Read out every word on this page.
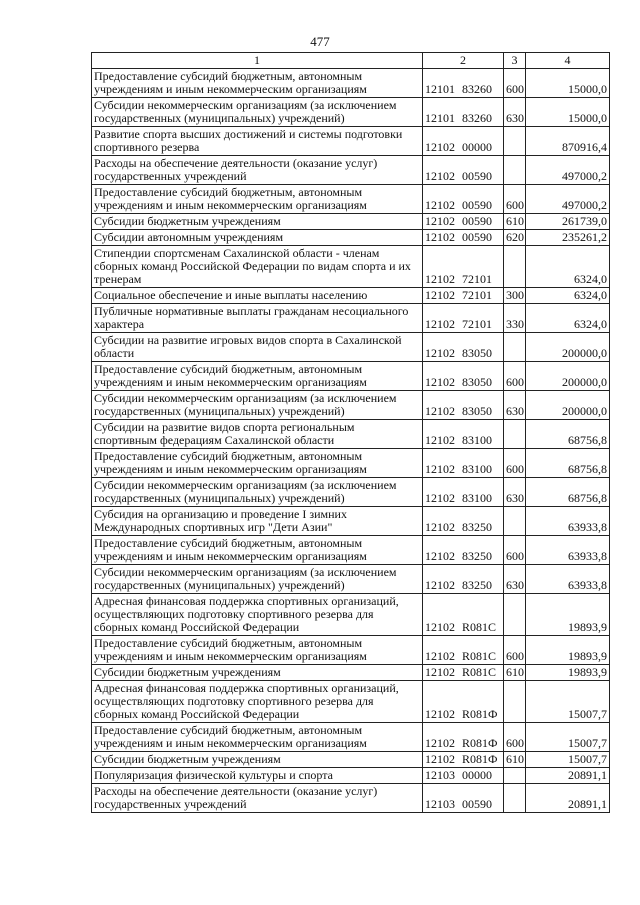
477
1	2	3	4
Предоставление субсидий бюджетным, автономным учреждениям и иным некоммерческим организациям	12101 83260	600	15000,0
Субсидии некоммерческим организациям (за исключением государственных (муниципальных) учреждений)	12101 83260	630	15000,0
Развитие спорта высших достижений и системы подготовки спортивного резерва	12102 00000		870916,4
Расходы на обеспечение деятельности (оказание услуг) государственных учреждений	12102 00590		497000,2
Предоставление субсидий бюджетным, автономным учреждениям и иным некоммерческим организациям	12102 00590	600	497000,2
Субсидии бюджетным учреждениям	12102 00590	610	261739,0
Субсидии автономным учреждениям	12102 00590	620	235261,2
Стипендии спортсменам Сахалинской области - членам сборных команд Российской Федерации по видам спорта и их тренерам	12102 72101		6324,0
Социальное обеспечение и иные выплаты населению	12102 72101	300	6324,0
Публичные нормативные выплаты гражданам несоциального характера	12102 72101	330	6324,0
Субсидии на развитие игровых видов спорта в Сахалинской области	12102 83050		200000,0
Предоставление субсидий бюджетным, автономным учреждениям и иным некоммерческим организациям	12102 83050	600	200000,0
Субсидии некоммерческим организациям (за исключением государственных (муниципальных) учреждений)	12102 83050	630	200000,0
Субсидии на развитие видов спорта региональным спортивным федерациям Сахалинской области	12102 83100		68756,8
Предоставление субсидий бюджетным, автономным учреждениям и иным некоммерческим организациям	12102 83100	600	68756,8
Субсидии некоммерческим организациям (за исключением государственных (муниципальных) учреждений)	12102 83100	630	68756,8
Субсидия на организацию и проведение I зимних Международных спортивных игр "Дети Азии"	12102 83250		63933,8
Предоставление субсидий бюджетным, автономным учреждениям и иным некоммерческим организациям	12102 83250	600	63933,8
Субсидии некоммерческим организациям (за исключением государственных (муниципальных) учреждений)	12102 83250	630	63933,8
Адресная финансовая поддержка спортивных организаций, осуществляющих подготовку спортивного резерва для сборных команд Российской Федерации	12102 R081C		19893,9
Предоставление субсидий бюджетным, автономным учреждениям и иным некоммерческим организациям	12102 R081C	600	19893,9
Субсидии бюджетным учреждениям	12102 R081C	610	19893,9
Адресная финансовая поддержка спортивных организаций, осуществляющих подготовку спортивного резерва для сборных команд Российской Федерации	12102 R081Ф		15007,7
Предоставление субсидий бюджетным, автономным учреждениям и иным некоммерческим организациям	12102 R081Ф	600	15007,7
Субсидии бюджетным учреждениям	12102 R081Ф	610	15007,7
Популяризация физической культуры и спорта	12103 00000		20891,1
Расходы на обеспечение деятельности (оказание услуг) государственных учреждений	12103 00590		20891,1
